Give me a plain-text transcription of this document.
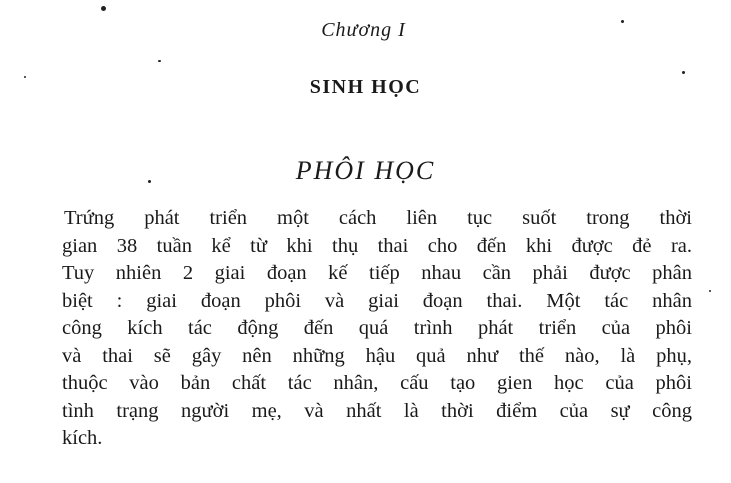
Chương I
SINH HỌC
PHÔI HỌC
Trứng phát triển một cách liên tục suốt trong thời
gian 38 tuần kể từ khi thụ thai cho đến khi được đẻ ra.
Tuy nhiên 2 giai đoạn kế tiếp nhau cần phải được phân
biệt : giai đoạn phôi và giai đoạn thai. Một tác nhân
công kích tác động đến quá trình phát triển của phôi
và thai sẽ gây nên những hậu quả như thế nào, là phụ,
thuộc vào bản chất tác nhân, cấu tạo gien học của phôi
tình trạng người mẹ, và nhất là thời điểm của sự công
kích.
